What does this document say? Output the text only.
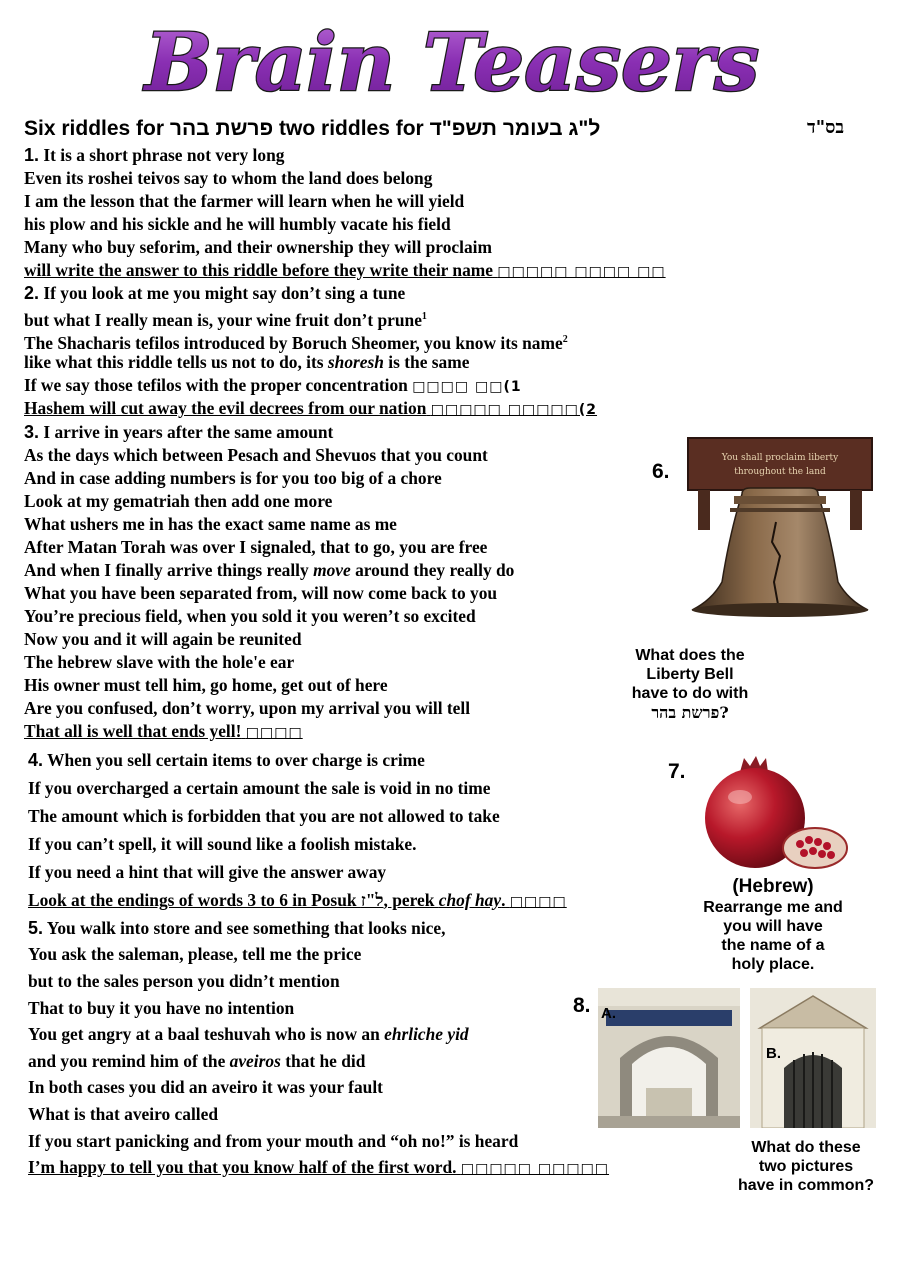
Brain Teasers
Six riddles for פרשת בהר two riddles for ל"ג בעומר תשפ"ד	בס"ד
1. It is a short phrase not very long
Even its roshei teivos say to whom the land does belong
I am the lesson that the farmer will learn when he will yield
his plow and his sickle and he will humbly vacate his field
Many who buy seforim, and their ownership they will proclaim
will write the answer to this riddle before they write their name □□□□□ □□□□ □□
2. If you look at me you might say don’t sing a tune
but what I really mean is, your wine fruit don’t prune$^1$
The Shacharis tefilos introduced by Boruch Sheomer, you know its name$^2$
like what this riddle tells us not to do, its shoresh is the same
If we say those tefilos with the proper concentration □□□□ □□(1
Hashem will cut away the evil decrees from our nation □□□□□ □□□□□(2
3. I arrive in years after the same amount
As the days which between Pesach and Shevuos that you count
And in case adding numbers is for you too big of a chore
Look at my gematriah then add one more
What ushers me in has the exact same name as me
After Matan Torah was over I signaled, that to go, you are free
And when I finally arrive things really move around they really do
What you have been separated from, will now come back to you
You’re precious field, when you sold it you weren’t so excited
Now you and it will again be reunited
The hebrew slave with the hole'e ear
His owner must tell him, go home, get out of here
Are you confused, don’t worry, upon my arrival you will tell
That all is well that ends yell! □□□□
4. When you sell certain items to over charge is crime
If you overcharged a certain amount the sale is void in no time
The amount which is forbidden that you are not allowed to take
If you can’t spell, it will sound like a foolish mistake.
If you need a hint that will give the answer away
Look at the endings of words 3 to 6 in Posuk ל"ז, perek chof hay. □□□□
5. You walk into store and see something that looks nice,
You ask the saleman, please, tell me the price
but to the sales person you didn’t mention
That to buy it you have no intention
You get angry at a baal teshuvah who is now an ehrliche yid
and you remind him of the aveiros that he did
In both cases you did an aveiro it was your fault
What is that aveiro called
If you start panicking and from your mouth and “oh no!” is heard
I’m happy to tell you that you know half of the first word. □□□□□ □□□□□
6.
You shall proclaim liberty
throughout the land
What does the
Liberty Bell
have to do with
פרשת בהר?
7.
(Hebrew)
Rearrange me and
you will have
the name of a
holy place.
8. A.
B.
What do these
two pictures
have in common?
